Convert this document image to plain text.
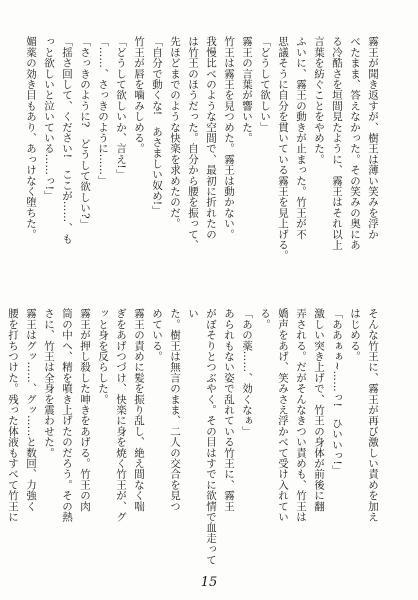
霧王が聞き返すが、樹王は薄い笑みを浮か
べたまま、答えなかった。その笑みの奥にあ
る冷酷さを垣間見たように、霧王はそれ以上
言葉を紡ぐことをやめた。
ふいに、霧王の動きが止まった。竹王が不
思議そうに自分を貫いている霧王を見上げる。
「どうして欲しい」
霧王の言葉が響いた。
竹王は霧王を見つめた。霧王は動かない。
我慢比べのような空間で、最初に折れたの
は竹王のほうだった。自分から腰を振って、
先ほどまでのような快楽を求めたのだ。
「自分で動くな!　あさましい奴め!」
竹王が唇を噛みしめる。
「どうして欲しいか、言え!」
「……、さっきのように……」
「さっきのように?　どうして欲しい?」
「揺さ回して、ください!　ここが……、も
っと欲しいと泣いている……っ!」
媚薬の効き目もあり、あっけなく堕ちた。
そんな竹王に、霧王が再び激しい責めを加え
はじめる。
「ああぁぁ~……っ!　ひいいっ!」
激しい突き上げで、竹王の身体が前後に翻
弄される。だがそんなきつい責めも、竹王は
嬌声をあげ、笑みさえ浮かべて受け入れてい
る。
「あの薬……、効くなぁ」
あられもない姿で乱れている竹王に、霧王
がぼそりとつぶやく。その目はすでに欲情で血走ってい
た。樹王は無言のまま、二人の交合を見つ
めている。
霧王の責めに髪を振り乱し、絶え間なく喘
ぎをあげつづけ、快楽に身を焼く竹王が、グ
ッと身を反らした。
霧王が押し殺した呻きをあげる。竹王の肉
筒の中へ、精を噴き上げたのだろう。その熱
さに、竹王は全身を震わせた。
霧王はグッ……、グッ……と数回、力強く
腰を打ちつけた。残った体液もすべて竹王に
15
